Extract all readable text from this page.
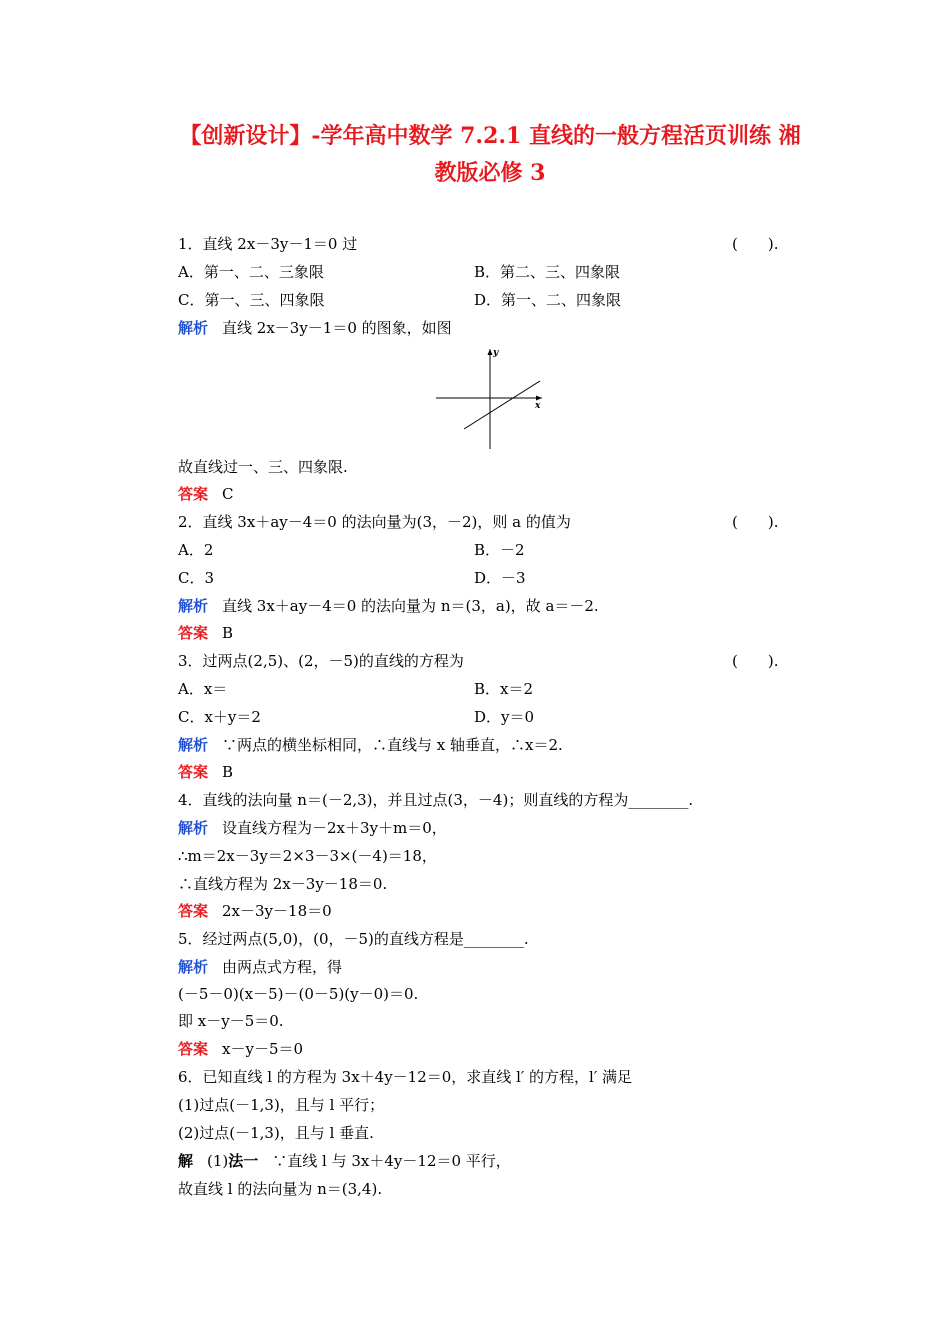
【创新设计】-学年高中数学 7.2.1 直线的一般方程活页训练 湘
教版必修 3
1．直线 2x－3y－1＝0 过	(　　).
A．第一、二、三象限	B．第二、三、四象限
C．第一、三、四象限	D．第一、二、四象限
解析 直线 2x－3y－1＝0 的图象，如图
y
x
故直线过一、三、四象限.
答案 C
2．直线 3x＋ay－4＝0 的法向量为(3，－2)，则 a 的值为	(　　).
A．2	B．－2
C．3	D．－3
解析 直线 3x＋ay－4＝0 的法向量为 n＝(3，a)，故 a＝－2.
答案 B
3．过两点(2,5)、(2，－5)的直线的方程为	(　　).
A．x＝	B．x＝2
C．x＋y＝2	D．y＝0
解析 ∵两点的横坐标相同，∴直线与 x 轴垂直，∴x＝2.
答案 B
4．直线的法向量 n＝(－2,3)，并且过点(3，－4)；则直线的方程为________.
解析 设直线方程为－2x＋3y＋m＝0，
∴m＝2x－3y＝2×3－3×(－4)＝18，
∴直线方程为 2x－3y－18＝0.
答案 2x－3y－18＝0
5．经过两点(5,0)，(0，－5)的直线方程是________.
解析 由两点式方程，得
(－5－0)(x－5)－(0－5)(y－0)＝0.
即 x－y－5＝0.
答案 x－y－5＝0
6．已知直线 l 的方程为 3x＋4y－12＝0，求直线 l′ 的方程，l′ 满足
(1)过点(－1,3)，且与 l 平行；
(2)过点(－1,3)，且与 l 垂直.
解 (1)法一 ∵直线 l 与 3x＋4y－12＝0 平行，
故直线 l 的法向量为 n＝(3,4).
